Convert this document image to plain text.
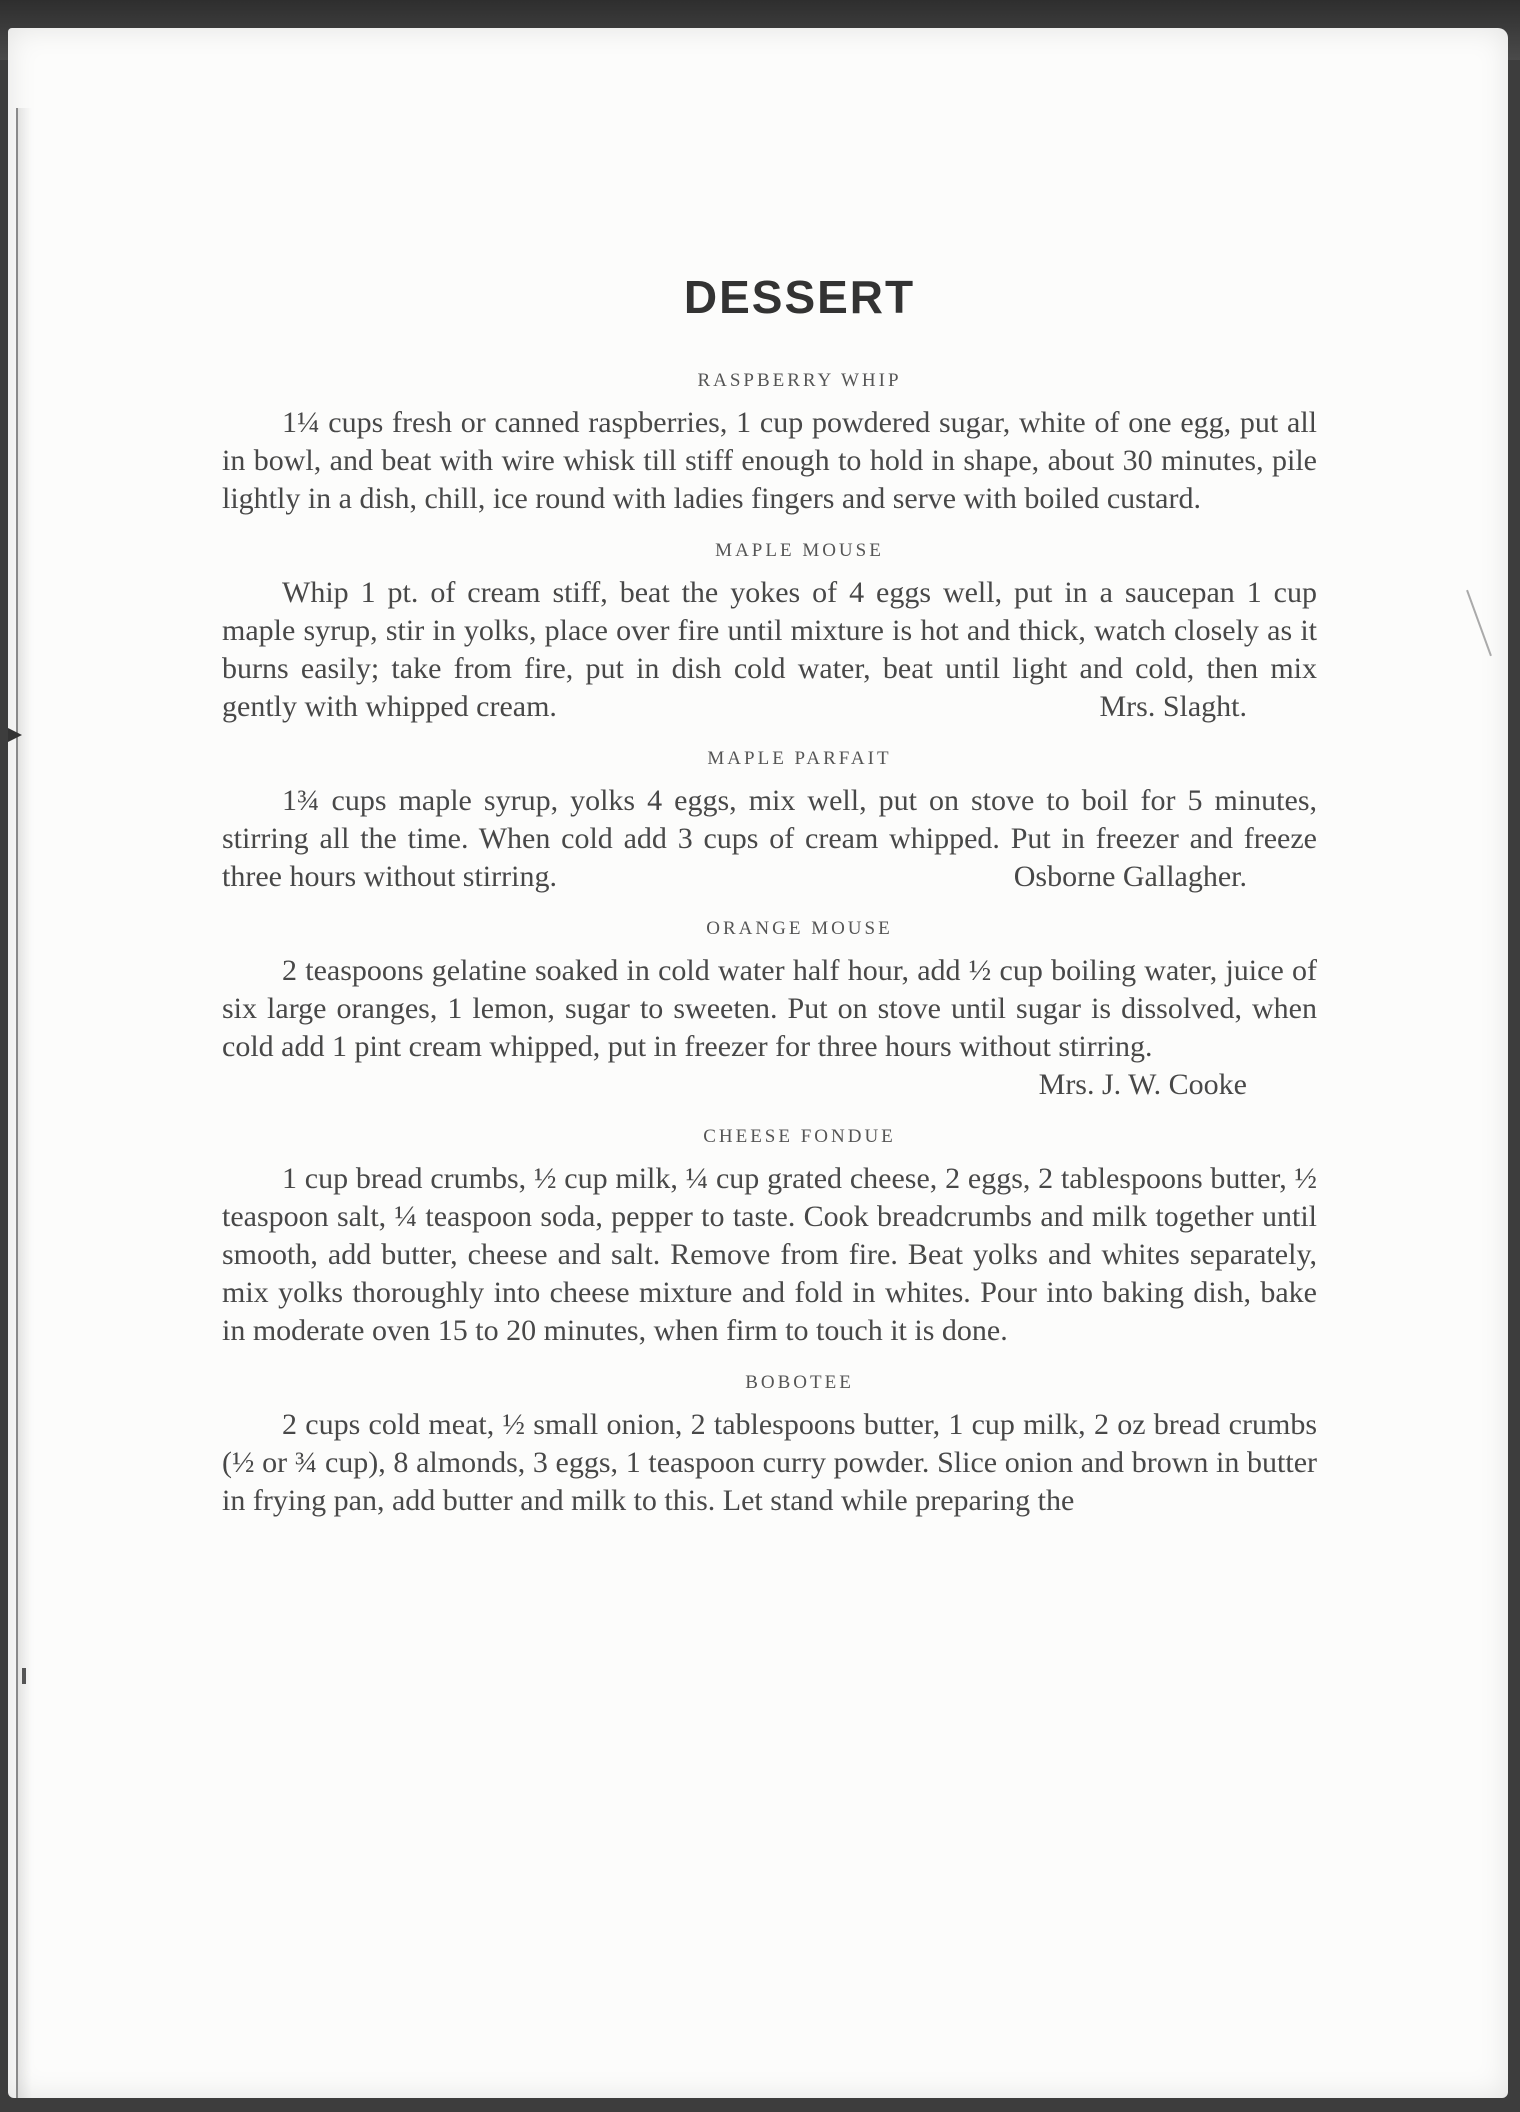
DESSERT
RASPBERRY WHIP

1¼ cups fresh or canned raspberries, 1 cup powdered sugar, white of one egg, put all in bowl, and beat with wire whisk till stiff enough to hold in shape, about 30 minutes, pile lightly in a dish, chill, ice round with ladies fingers and serve with boiled custard.

MAPLE MOUSE

Whip 1 pt. of cream stiff, beat the yokes of 4 eggs well, put in a saucepan 1 cup maple syrup, stir in yolks, place over fire until mixture is hot and thick, watch closely as it burns easily; take from fire, put in dish cold water, beat until light and cold, then mix gently with whipped cream.	Mrs. Slaght.

MAPLE PARFAIT

1¾ cups maple syrup, yolks 4 eggs, mix well, put on stove to boil for 5 minutes, stirring all the time. When cold add 3 cups of cream whipped. Put in freezer and freeze three hours without stirring.	Osborne Gallagher.

ORANGE MOUSE

2 teaspoons gelatine soaked in cold water half hour, add ½ cup boiling water, juice of six large oranges, 1 lemon, sugar to sweeten. Put on stove until sugar is dissolved, when cold add 1 pint cream whipped, put in freezer for three hours without stirring.
Mrs. J. W. Cooke

CHEESE FONDUE

1 cup bread crumbs, ½ cup milk, ¼ cup grated cheese, 2 eggs, 2 tablespoons butter, ½ teaspoon salt, ¼ teaspoon soda, pepper to taste. Cook breadcrumbs and milk together until smooth, add butter, cheese and salt. Remove from fire. Beat yolks and whites separately, mix yolks thoroughly into cheese mixture and fold in whites. Pour into baking dish, bake in moderate oven 15 to 20 minutes, when firm to touch it is done.

BOBOTEE

2 cups cold meat, ½ small onion, 2 tablespoons butter, 1 cup milk, 2 oz bread crumbs (½ or ¾ cup), 8 almonds, 3 eggs, 1 teaspoon curry powder. Slice onion and brown in butter in frying pan, add butter and milk to this. Let stand while preparing the
